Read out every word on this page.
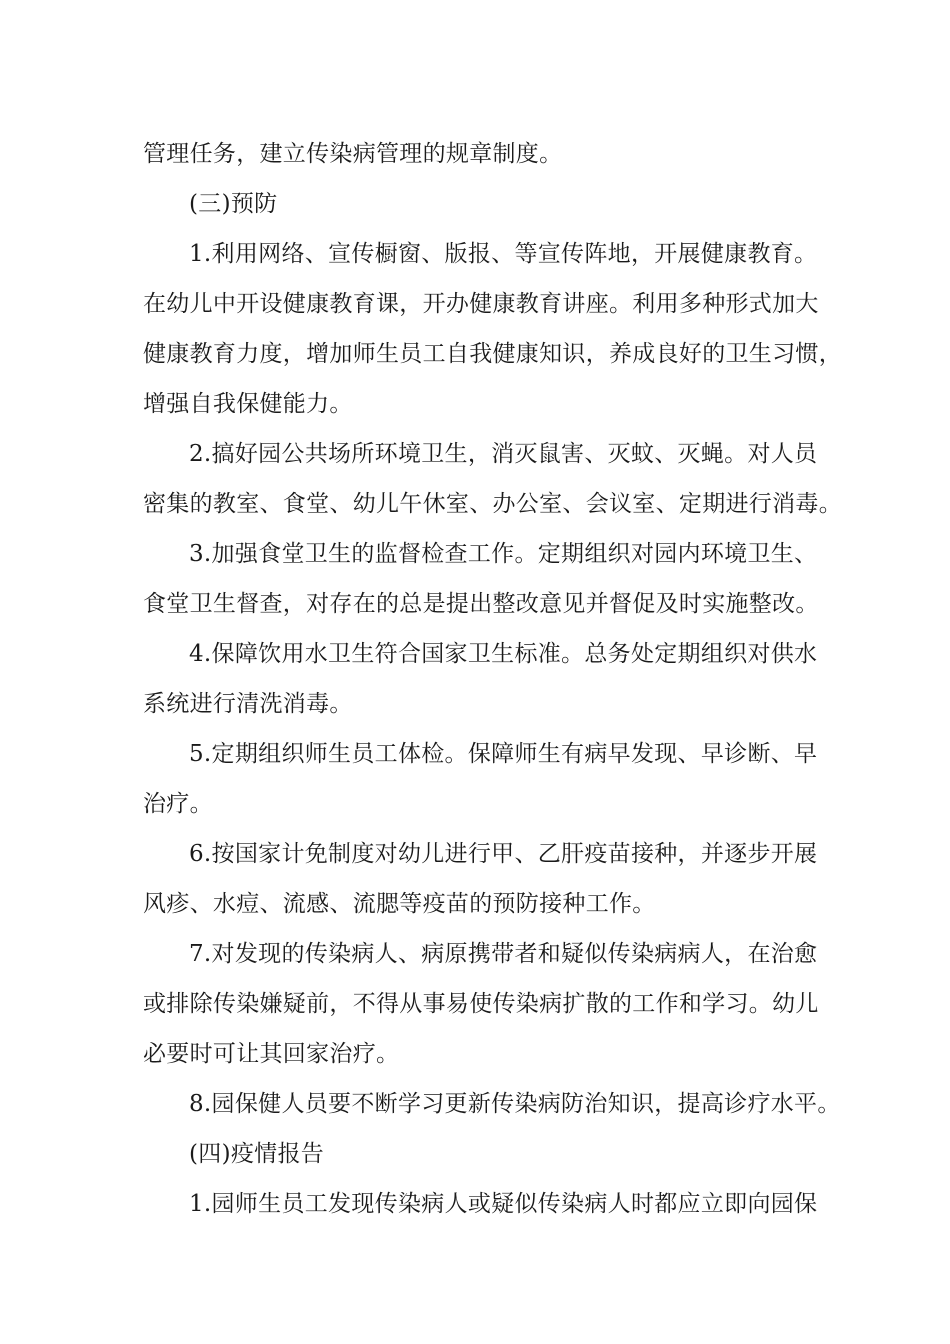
管理任务，建立传染病管理的规章制度。
(三)预防
1.利用网络、宣传橱窗、版报、等宣传阵地，开展健康教育。
在幼儿中开设健康教育课，开办健康教育讲座。利用多种形式加大
健康教育力度，增加师生员工自我健康知识，养成良好的卫生习惯，
增强自我保健能力。
2.搞好园公共场所环境卫生，消灭鼠害、灭蚊、灭蝇。对人员
密集的教室、食堂、幼儿午休室、办公室、会议室、定期进行消毒。
3.加强食堂卫生的监督检查工作。定期组织对园内环境卫生、
食堂卫生督查，对存在的总是提出整改意见并督促及时实施整改。
4.保障饮用水卫生符合国家卫生标准。总务处定期组织对供水
系统进行清洗消毒。
5.定期组织师生员工体检。保障师生有病早发现、早诊断、早
治疗。
6.按国家计免制度对幼儿进行甲、乙肝疫苗接种，并逐步开展
风疹、水痘、流感、流腮等疫苗的预防接种工作。
7.对发现的传染病人、病原携带者和疑似传染病病人，在治愈
或排除传染嫌疑前，不得从事易使传染病扩散的工作和学习。幼儿
必要时可让其回家治疗。
8.园保健人员要不断学习更新传染病防治知识，提高诊疗水平。
(四)疫情报告
1.园师生员工发现传染病人或疑似传染病人时都应立即向园保
